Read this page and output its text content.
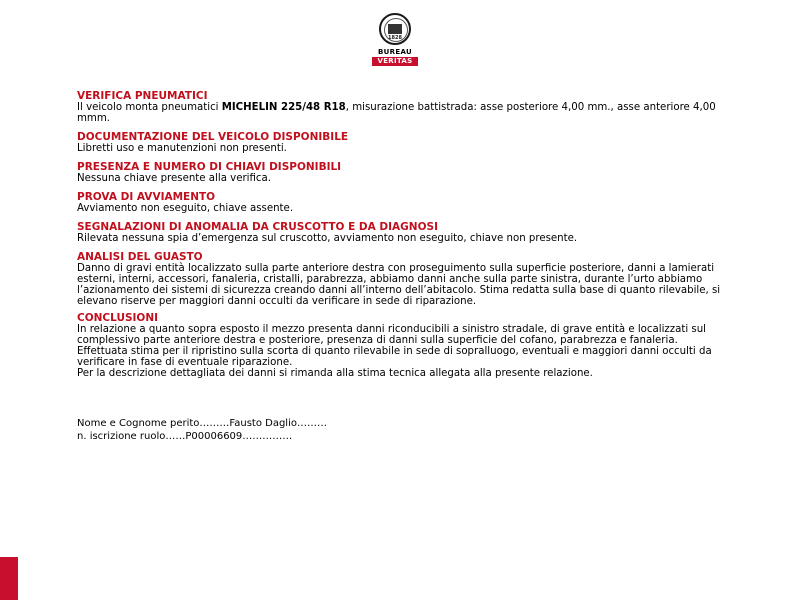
1828
BUREAU
VERITAS

VERIFICA PNEUMATICI

Il veicolo monta pneumatici MICHELIN 225/48 R18, misurazione battistrada: asse posteriore 4,00 mm., asse anteriore 4,00 mmm.

DOCUMENTAZIONE DEL VEICOLO DISPONIBILE

Libretti uso e manutenzioni non presenti.

PRESENZA E NUMERO DI CHIAVI DISPONIBILI

Nessuna chiave presente alla verifica.

PROVA DI AVVIAMENTO

Avviamento non eseguito, chiave assente.

SEGNALAZIONI DI ANOMALIA DA CRUSCOTTO E DA DIAGNOSI

Rilevata nessuna spia d’emergenza sul cruscotto, avviamento non eseguito, chiave non presente.

ANALISI DEL GUASTO

Danno di gravi entità localizzato sulla parte anteriore destra con proseguimento sulla superficie posteriore, danni a lamierati esterni, interni, accessori, fanaleria, cristalli, parabrezza, abbiamo danni anche sulla parte sinistra, durante l’urto abbiamo l’azionamento dei sistemi di sicurezza creando danni all’interno dell’abitacolo. Stima redatta sulla base di quanto rilevabile, si elevano riserve per maggiori danni occulti da verificare in sede di riparazione.

CONCLUSIONI

In relazione a quanto sopra esposto il mezzo presenta danni riconducibili a sinistro stradale, di grave entità e localizzati sul complessivo parte anteriore destra e posteriore, presenza di danni sulla superficie del cofano, parabrezza e fanaleria.

Effettuata stima per il ripristino sulla scorta di quanto rilevabile in sede di sopralluogo, eventuali e maggiori danni occulti da verificare in fase di eventuale riparazione.

Per la descrizione dettagliata dei danni si rimanda alla stima tecnica allegata alla presente relazione.

Nome e Cognome perito………Fausto Daglio………
n. iscrizione ruolo……P00006609……………
